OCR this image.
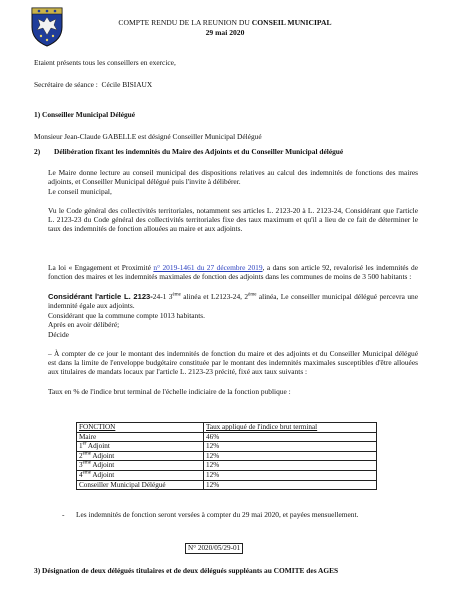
COMPTE RENDU DE LA REUNION DU CONSEIL MUNICIPAL
29 mai 2020
Etaient présents tous les conseillers en exercice,
Secrétaire de séance : Cécile BISIAUX
1) Conseiller Municipal Délégué
Monsieur Jean-Claude GABELLE est désigné Conseiller Municipal Délégué
2) Délibération fixant les indemnités du Maire des Adjoints et du Conseiller Municipal délégué
Le Maire donne lecture au conseil municipal des dispositions relatives au calcul des indemnités de fonctions des maires adjoints, et Conseiller Municipal délégué puis l'invite à délibérer.
Le conseil municipal,
Vu le Code général des collectivités territoriales, notamment ses articles L. 2123-20 à L. 2123-24, Considérant que l'article L. 2123-23 du Code général des collectivités territoriales fixe des taux maximum et qu'il a lieu de ce fait de déterminer le taux des indemnités de fonction allouées au maire et aux adjoints.
La loi « Engagement et Proximité n° 2019-1461 du 27 décembre 2019, a dans son article 92, revalorisé les indemnités de fonction des maires et les indemnités maximales de fonction des adjoints dans les communes de moins de 3 500 habitants :
Considérant l'article L. 2123-24-1 3ème alinéa et L2123-24, 2ème alinéa, Le conseiller municipal délégué percevra une indemnité égale aux adjoints.
Considérant que la commune compte 1013 habitants.
Après en avoir délibéré;
Décide
– À compter de ce jour le montant des indemnités de fonction du maire et des adjoints et du Conseiller Municipal délégué est dans la limite de l'enveloppe budgétaire constituée par le montant des indemnités maximales susceptibles d'être allouées aux titulaires de mandats locaux par l'article L. 2123-23 précité, fixé aux taux suivants :
Taux en % de l'indice brut terminal de l'échelle indiciaire de la fonction publique :
FONCTION	Taux appliqué de l'indice brut terminal
Maire	46%
1er Adjoint	12%
2ème Adjoint	12%
3ème Adjoint	12%
4ème Adjoint	12%
Conseiller Municipal Délégué	12%
- Les indemnités de fonction seront versées à compter du 29 mai 2020, et payées mensuellement.
N° 2020/05/29-01
3) Désignation de deux délégués titulaires et de deux délégués suppléants au COMITE des AGES
